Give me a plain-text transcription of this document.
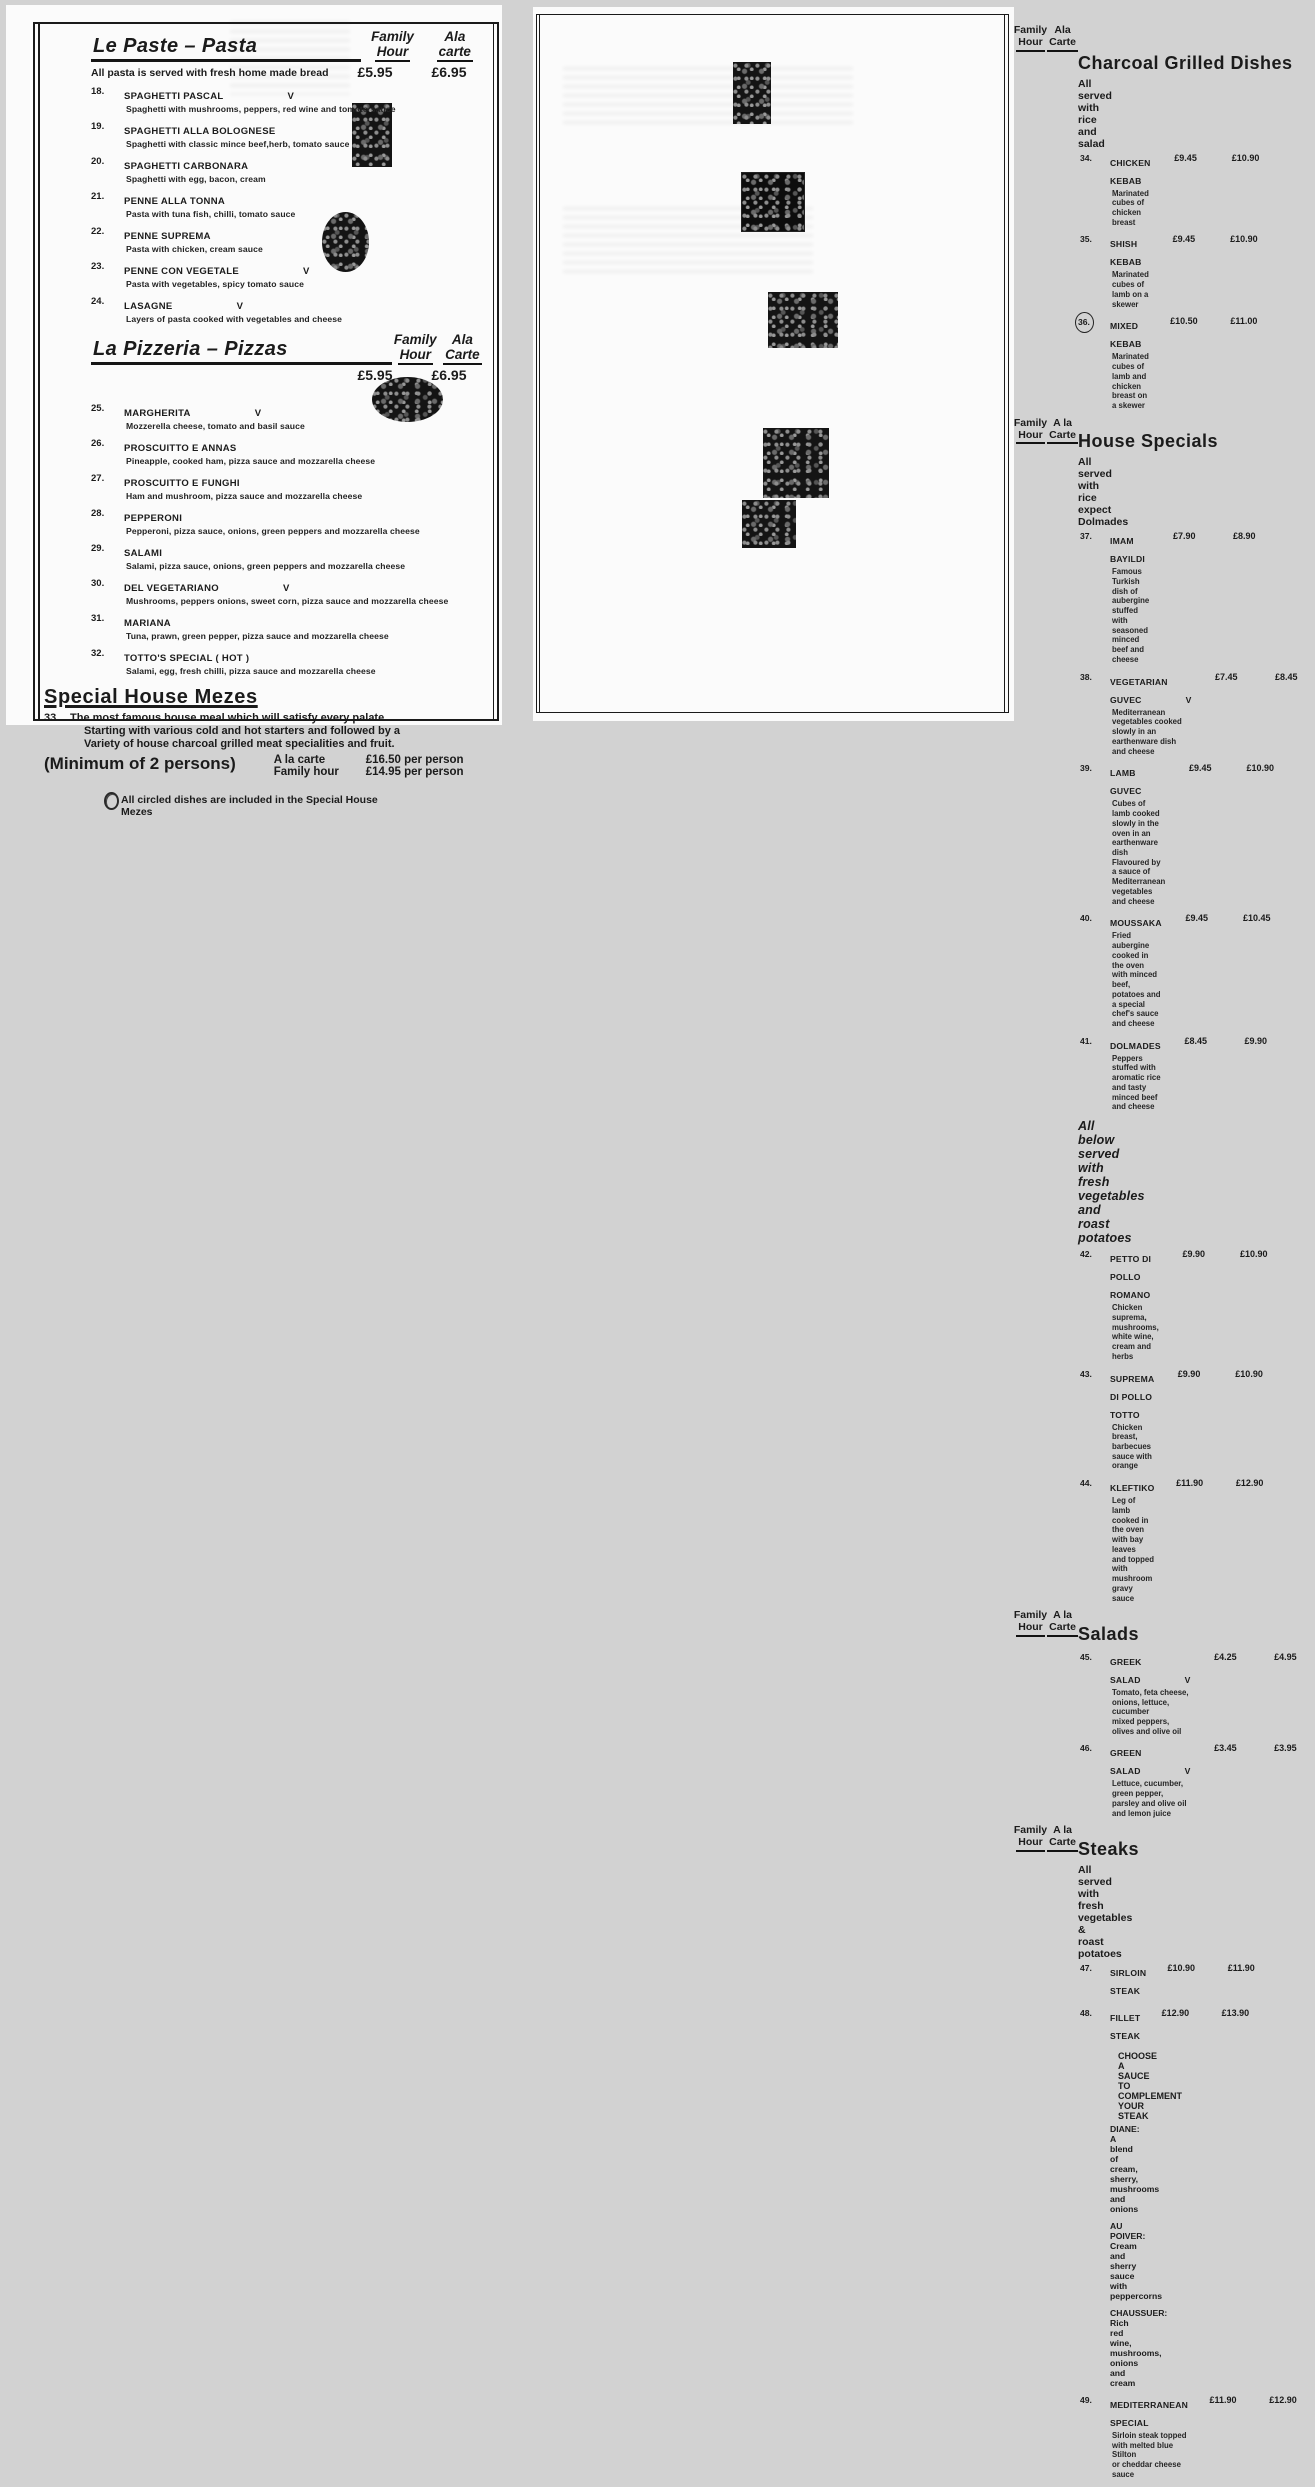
Le Paste – Pasta	Family
Hour
Ala
carte
All pasta is served with fresh home made bread	£5.95	£6.95
18.	SPAGHETTI PASCAL	V
Spaghetti with mushrooms, peppers, red wine and tomato sauce
19.	SPAGHETTI ALLA BOLOGNESE
Spaghetti with classic mince beef,herb, tomato sauce
20.	SPAGHETTI CARBONARA
Spaghetti with egg, bacon, cream
21.	PENNE ALLA TONNA
Pasta with tuna fish, chilli, tomato sauce
22.	PENNE SUPREMA
Pasta with chicken, cream sauce
23.	PENNE CON VEGETALE	V
Pasta with vegetables, spicy tomato sauce
24.	LASAGNE	V
Layers of pasta cooked with vegetables and cheese
La Pizzeria – Pizzas	Family
Hour
Ala
Carte
£5.95	£6.95
25.	MARGHERITA	V
Mozzerella cheese, tomato and basil sauce
26.	PROSCUITTO E ANNAS
Pineapple, cooked ham, pizza sauce and mozzarella cheese
27.	PROSCUITTO E FUNGHI
Ham and mushroom, pizza sauce and mozzarella cheese
28.	PEPPERONI
Pepperoni, pizza sauce, onions, green peppers and mozzarella cheese
29.	SALAMI
Salami, pizza sauce, onions, green peppers and mozzarella cheese
30.	DEL VEGETARIANO	V
Mushrooms, peppers onions, sweet corn, pizza sauce and mozzarella cheese
31.	MARIANA
Tuna, prawn, green pepper, pizza sauce and mozzarella cheese
32.	TOTTO'S SPECIAL ( HOT )
Salami, egg, fresh chilli, pizza sauce and mozzarella cheese
Special House Mezes
33. The most famous house meal which will satisfy every palate.
Starting with various cold and hot starters and followed by a
Variety of house charcoal grilled meat specialities and fruit.
(Minimum of 2 persons)	A la carte	£16.50 per person
Family hour	£14.95 per person
All circled dishes are included in the Special House
Mezes
Family
Hour
Ala
Carte
Charcoal Grilled Dishes
All served with rice and salad
34.	CHICKEN KEBAB
Marinated cubes of chicken breast
£9.45	£10.90
35.	SHISH KEBAB
Marinated cubes of lamb on a skewer
£9.45	£10.90
36.	MIXED KEBAB
Marinated cubes of lamb and chicken breast on a skewer
£10.50	£11.00
Family
Hour
A la
Carte House Specials
All served with rice expect Dolmades
37.	IMAM BAYILDI
Famous Turkish dish of aubergine stuffed
with seasoned minced beef and cheese
£7.90	£8.90
38.	VEGETARIAN GUVEC	V
Mediterranean vegetables cooked slowly in an
earthenware dish and cheese
£7.45	£8.45
39.	LAMB GUVEC
Cubes of lamb cooked slowly in the oven in an earthenware dish
Flavoured by a sauce of Mediterranean vegetables and cheese
£9.45	£10.90
40.	MOUSSAKA
Fried aubergine cooked in the oven with minced beef,
potatoes and a special chef's sauce and cheese
£9.45	£10.45
41.	DOLMADES
Peppers stuffed with aromatic rice and tasty minced beef and cheese
£8.45	£9.90
All below served with fresh vegetables and roast potatoes
42.	PETTO DI POLLO ROMANO
Chicken suprema, mushrooms, white wine, cream and herbs
£9.90	£10.90
43.	SUPREMA DI POLLO TOTTO
Chicken breast, barbecues sauce with orange
£9.90	£10.90
44.	KLEFTIKO
Leg of lamb cooked in the oven with bay leaves
and topped with mushroom gravy sauce
£11.90	£12.90
Family
Hour
A la
Carte Salads
45.	GREEK SALAD	V
Tomato, feta cheese, onions, lettuce, cucumber
mixed peppers, olives and olive oil
£4.25	£4.95
46.	GREEN SALAD	V
Lettuce, cucumber, green pepper, parsley and olive oil and lemon juice
£3.45	£3.95
Family
Hour
A la
Carte Steaks
All served with fresh vegetables & roast potatoes
47.	SIRLOIN STEAK
£10.90	£11.90
48.	FILLET STEAK
£12.90	£13.90
CHOOSE A SAUCE TO COMPLEMENT YOUR STEAK
DIANE: A blend of cream, sherry, mushrooms and onions
AU POIVER: Cream and sherry sauce with peppercorns
CHAUSSUER: Rich red wine, mushrooms, onions and cream
49.	MEDITERRANEAN SPECIAL
Sirloin steak topped with melted blue Stilton
or cheddar cheese sauce
£11.90	£12.90
